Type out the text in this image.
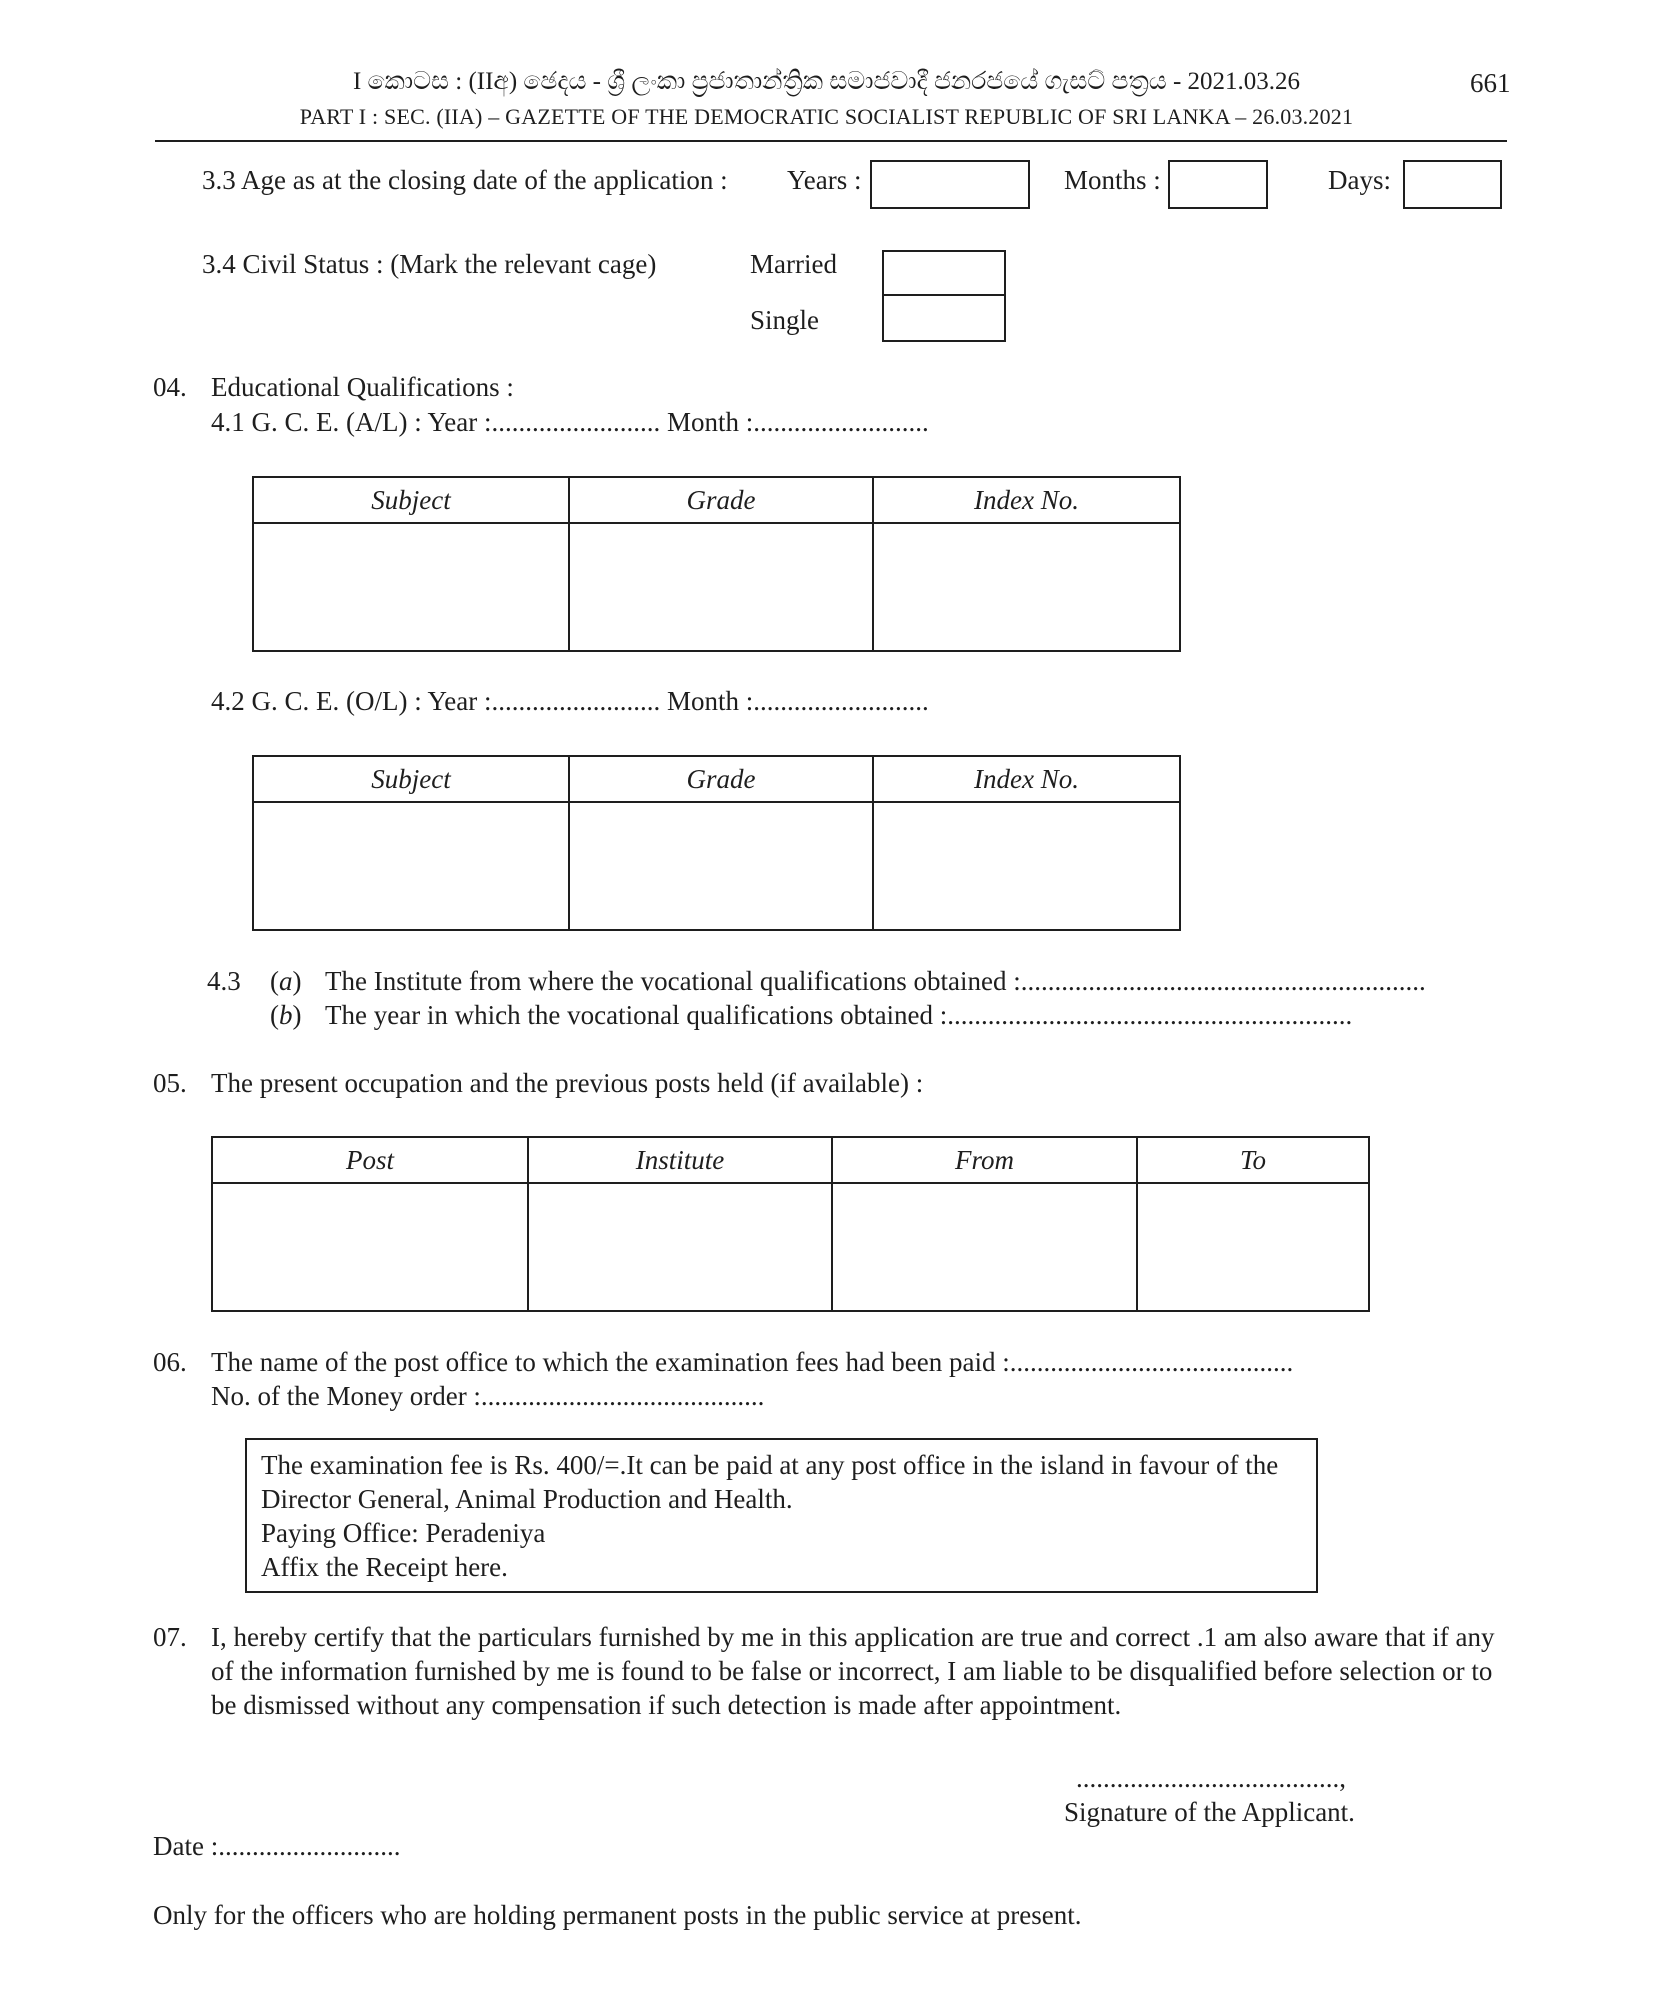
661
I කොටස : (IIඅ) ඡෙදය - ශ්‍රී ලංකා ප්‍රජාතාන්ත්‍රික සමාජවාදී ජනරජයේ ගැසට් පත්‍රය - 2021.03.26
PART I : SEC. (IIA) – GAZETTE OF THE DEMOCRATIC SOCIALIST REPUBLIC OF SRI LANKA – 26.03.2021
3.3 Age as at the closing date of the application : Years :	Months :	Days:
3.4 Civil Status : (Mark the relevant cage)	Married
Single
04. Educational Qualifications :
4.1 G. C. E. (A/L) : Year :......................... Month :..........................
Subject	Grade	Index No.

4.2 G. C. E. (O/L) : Year :......................... Month :..........................
Subject	Grade	Index No.

4.3 (a) The Institute from where the vocational qualifications obtained :............................................................
(b) The year in which the vocational qualifications obtained :............................................................
05. The present occupation and the previous posts held (if available) :
Post	Institute	From	To

06. The name of the post office to which the examination fees had been paid :..........................................
No. of the Money order :..........................................
The examination fee is Rs. 400/=.It can be paid at any post office in the island in favour of the
Director General, Animal Production and Health.
Paying Office: Peradeniya
Affix the Receipt here.
07. I, hereby certify that the particulars furnished by me in this application are true and correct .1 am also aware that if any
of the information furnished by me is found to be false or incorrect, I am liable to be disqualified before selection or to
be dismissed without any compensation if such detection is made after appointment.
.......................................,
Signature of the Applicant.
Date :...........................
Only for the officers who are holding permanent posts in the public service at present.
